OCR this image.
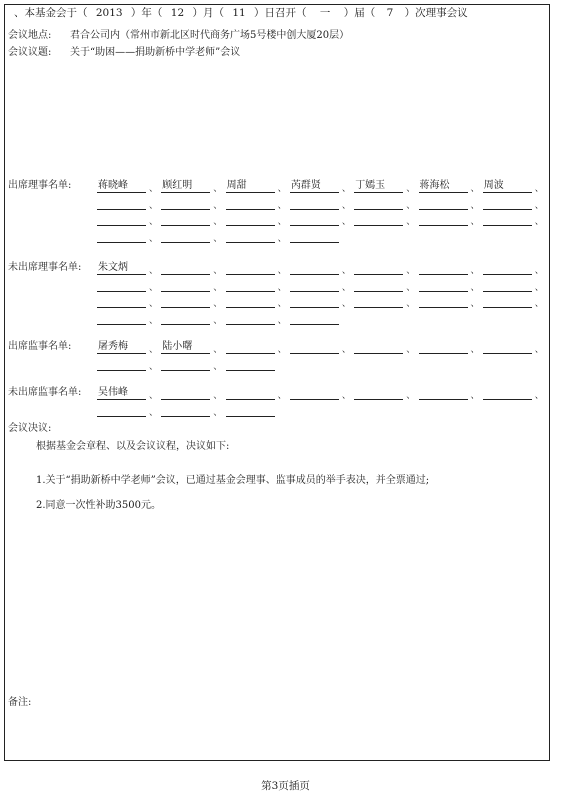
、本基金会于（ 2013 ）年（ 12 ）月（ 11 ）日召开（ 一 ）届（ 7 ）次理事会议
会议地点: 君合公司内（常州市新北区时代商务广场5号楼中创大厦20层）
会议议题: 关于“助困——捐助新桥中学老师”会议
出席理事名单:	蒋晓峰	、 顾红明	、 周甜	、 芮群贤	、 丁嫣玉	、 蒋海松	、 周波	、
、	、	、	、	、	、	、
、	、	、	、	、	、	、
、	、	、
未出席理事名单: 朱文炳	、	、	、	、	、	、	、
、	、	、	、	、	、	、
、	、	、	、	、	、	、
、	、	、
出席监事名单:	屠秀梅	、 陆小曙	、	、	、	、	、	、
、	、
未出席监事名单: 吴伟峰	、	、	、	、	、	、	、
、	、
会议决议:
根据基金会章程、以及会议议程，决议如下:
1.关于“捐助新桥中学老师”会议，已通过基金会理事、监事成员的举手表决，并全票通过;
2.同意一次性补助3500元。
备注:
第3页插页
